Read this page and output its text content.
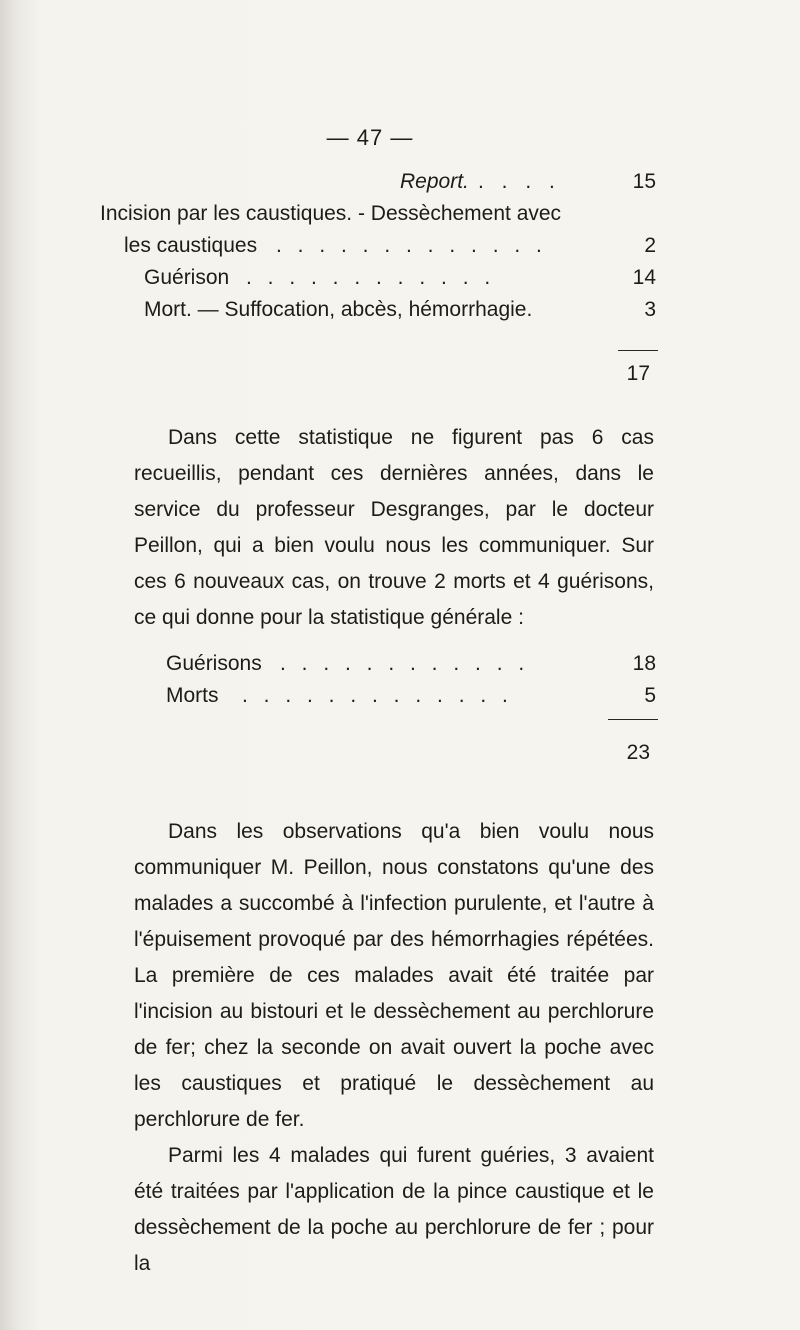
— 47 —
Report. . . . .	15
Incision par les caustiques. - Dessèchement avec
les caustiques . . . . . . . . . . . . .	2
Guérison . . . . . . . . . . . .	14
Mort. — Suffocation, abcès, hémorrhagie.	3
17

Dans cette statistique ne figurent pas 6 cas recueillis, pendant ces dernières années, dans le service du professeur Desgranges, par le docteur Peillon, qui a bien voulu nous les communiquer. Sur ces 6 nouveaux cas, on trouve 2 morts et 4 guérisons, ce qui donne pour la statistique générale :

Guérisons . . . . . . . . . . . .	18
Morts . . . . . . . . . . . . .	5
23

Dans les observations qu'a bien voulu nous communiquer M. Peillon, nous constatons qu'une des malades a succombé à l'infection purulente, et l'autre à l'épuisement provoqué par des hémorrhagies répétées. La première de ces malades avait été traitée par l'incision au bistouri et le dessèchement au perchlorure de fer; chez la seconde on avait ouvert la poche avec les caustiques et pratiqué le dessèchement au perchlorure de fer.

Parmi les 4 malades qui furent guéries, 3 avaient été traitées par l'application de la pince caustique et le dessèchement de la poche au perchlorure de fer ; pour la
